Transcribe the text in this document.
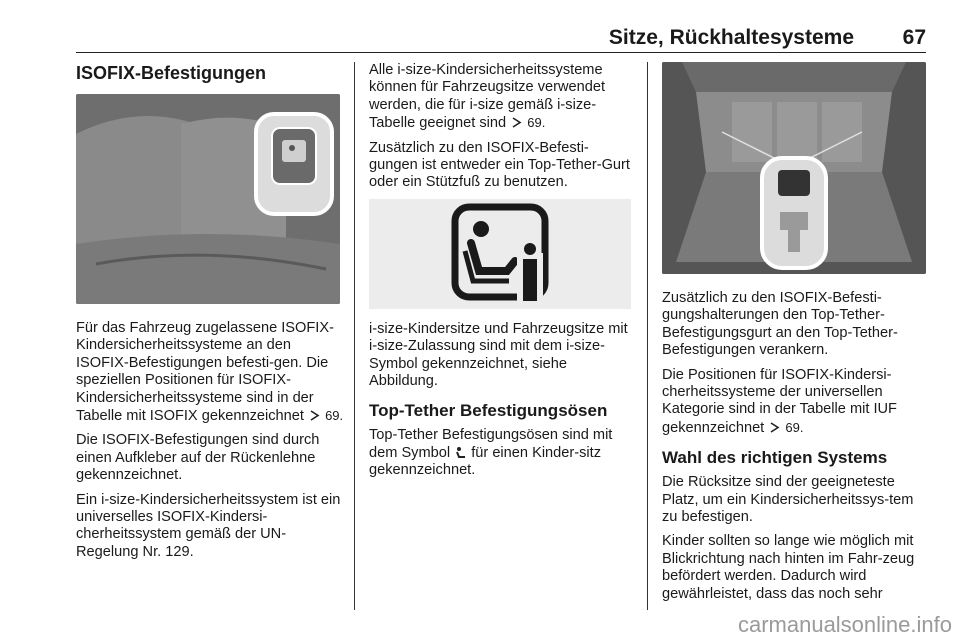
Sitze, Rückhaltesysteme 67
ISOFIX-Befestigungen

Für das Fahrzeug zugelassene ISOFIX-Kindersicherheitssysteme an den ISOFIX-Befestigungen befesti-gen. Die speziellen Positionen für ISOFIX-Kindersicherheitssysteme sind in der Tabelle mit ISOFIX gekennzeichnet 69.

Die ISOFIX-Befestigungen sind durch einen Aufkleber auf der Rückenlehne gekennzeichnet.

Ein i-size-Kindersicherheitssystem ist ein universelles ISOFIX-Kindersi-cherheitssystem gemäß der UN-Regelung Nr. 129.

Alle i-size-Kindersicherheitssysteme können für Fahrzeugsitze verwendet werden, die für i-size gemäß i-size-Tabelle geeignet sind 69.

Zusätzlich zu den ISOFIX-Befesti-gungen ist entweder ein Top-Tether-Gurt oder ein Stützfuß zu benutzen.

i-size-Kindersitze und Fahrzeugsitze mit i-size-Zulassung sind mit dem i-size-Symbol gekennzeichnet, siehe Abbildung.

Top-Tether Befestigungsösen

Top-Tether Befestigungsösen sind mit dem Symbol für einen Kinder-sitz gekennzeichnet.

Zusätzlich zu den ISOFIX-Befesti-gungshalterungen den Top-Tether-Befestigungsgurt an den Top-Tether-Befestigungen verankern.

Die Positionen für ISOFIX-Kindersi-cherheitssysteme der universellen Kategorie sind in der Tabelle mit IUF gekennzeichnet 69.

Wahl des richtigen Systems

Die Rücksitze sind der geeigneteste Platz, um ein Kindersicherheitssys-tem zu befestigen.

Kinder sollten so lange wie möglich mit Blickrichtung nach hinten im Fahr-zeug befördert werden. Dadurch wird gewährleistet, dass das noch sehr

carmanualsonline.info
